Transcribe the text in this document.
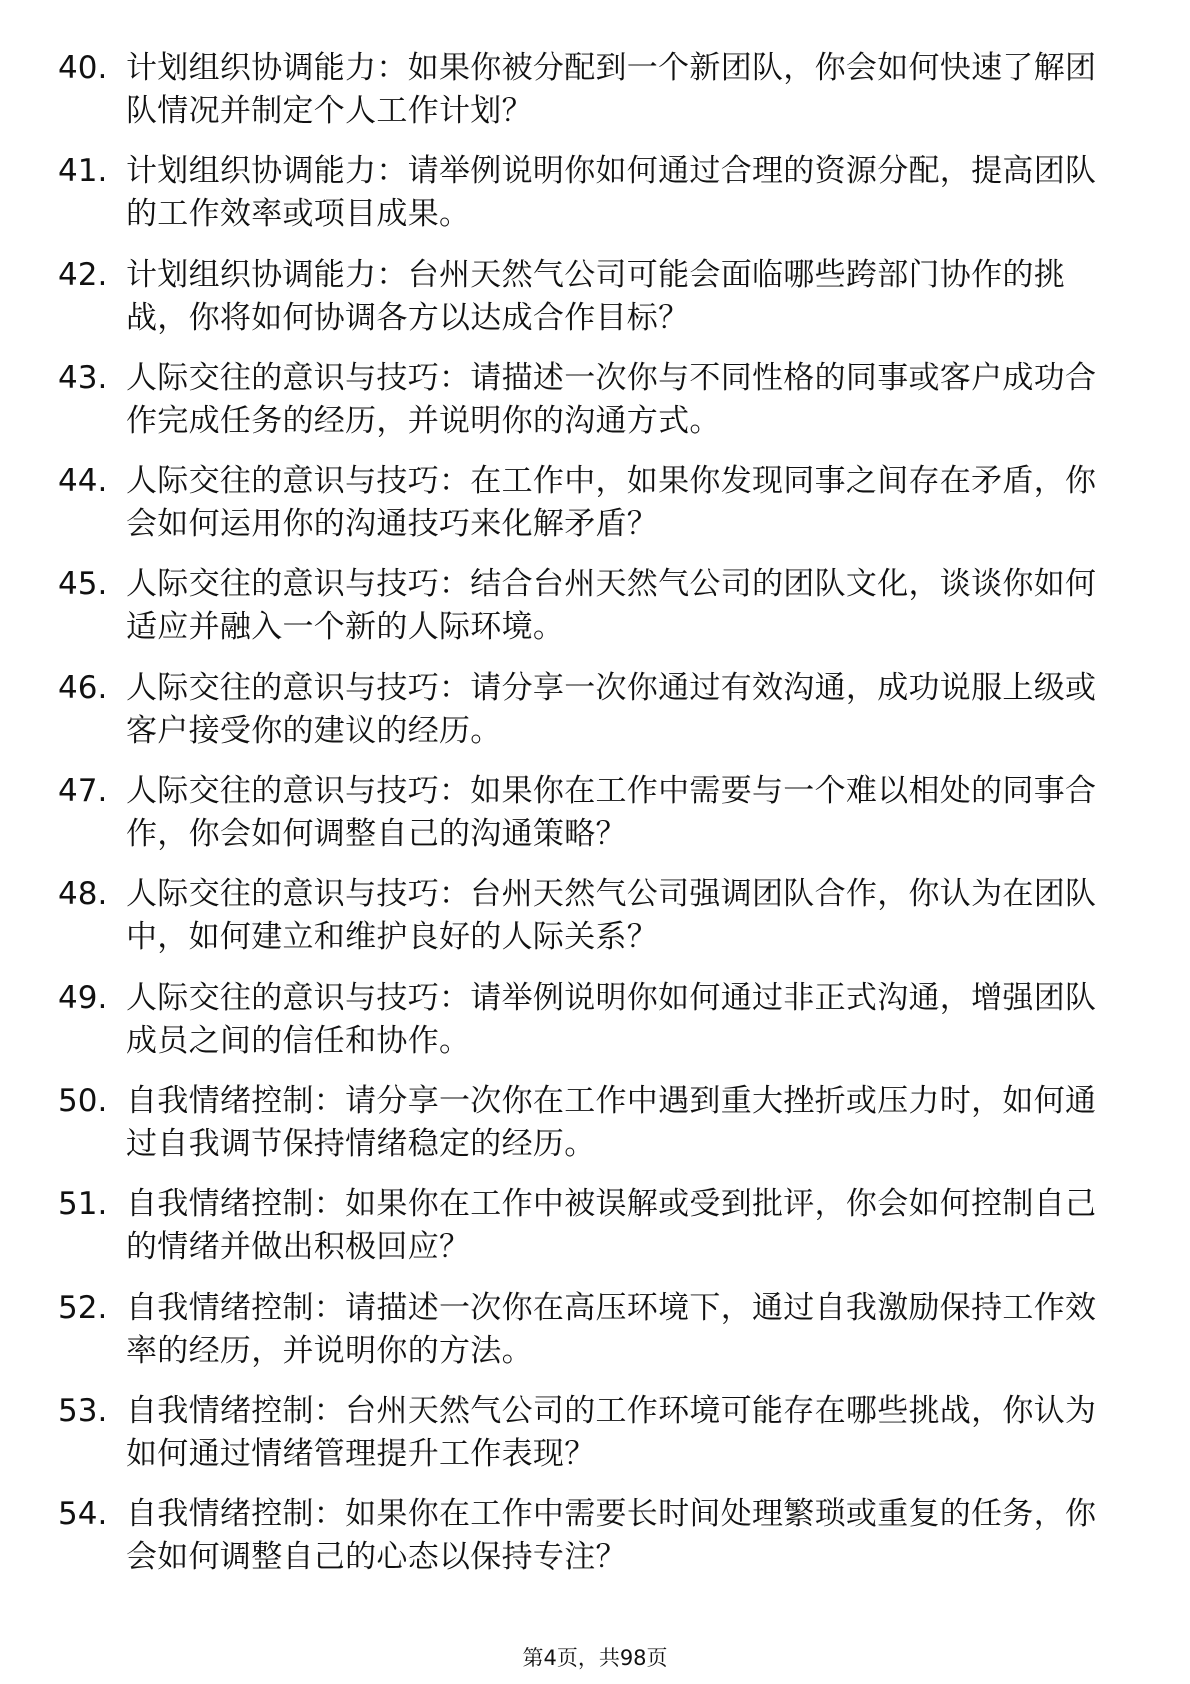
40. 计划组织协调能力：如果你被分配到一个新团队，你会如何快速了解团队情况并制定个人工作计划？
41. 计划组织协调能力：请举例说明你如何通过合理的资源分配，提高团队的工作效率或项目成果。
42. 计划组织协调能力：台州天然气公司可能会面临哪些跨部门协作的挑战，你将如何协调各方以达成合作目标？
43. 人际交往的意识与技巧：请描述一次你与不同性格的同事或客户成功合作完成任务的经历，并说明你的沟通方式。
44. 人际交往的意识与技巧：在工作中，如果你发现同事之间存在矛盾，你会如何运用你的沟通技巧来化解矛盾？
45. 人际交往的意识与技巧：结合台州天然气公司的团队文化，谈谈你如何适应并融入一个新的人际环境。
46. 人际交往的意识与技巧：请分享一次你通过有效沟通，成功说服上级或客户接受你的建议的经历。
47. 人际交往的意识与技巧：如果你在工作中需要与一个难以相处的同事合作，你会如何调整自己的沟通策略？
48. 人际交往的意识与技巧：台州天然气公司强调团队合作，你认为在团队中，如何建立和维护良好的人际关系？
49. 人际交往的意识与技巧：请举例说明你如何通过非正式沟通，增强团队成员之间的信任和协作。
50. 自我情绪控制：请分享一次你在工作中遇到重大挫折或压力时，如何通过自我调节保持情绪稳定的经历。
51. 自我情绪控制：如果你在工作中被误解或受到批评，你会如何控制自己的情绪并做出积极回应？
52. 自我情绪控制：请描述一次你在高压环境下，通过自我激励保持工作效率的经历，并说明你的方法。
53. 自我情绪控制：台州天然气公司的工作环境可能存在哪些挑战，你认为如何通过情绪管理提升工作表现？
54. 自我情绪控制：如果你在工作中需要长时间处理繁琐或重复的任务，你会如何调整自己的心态以保持专注？
第4页，共98页
